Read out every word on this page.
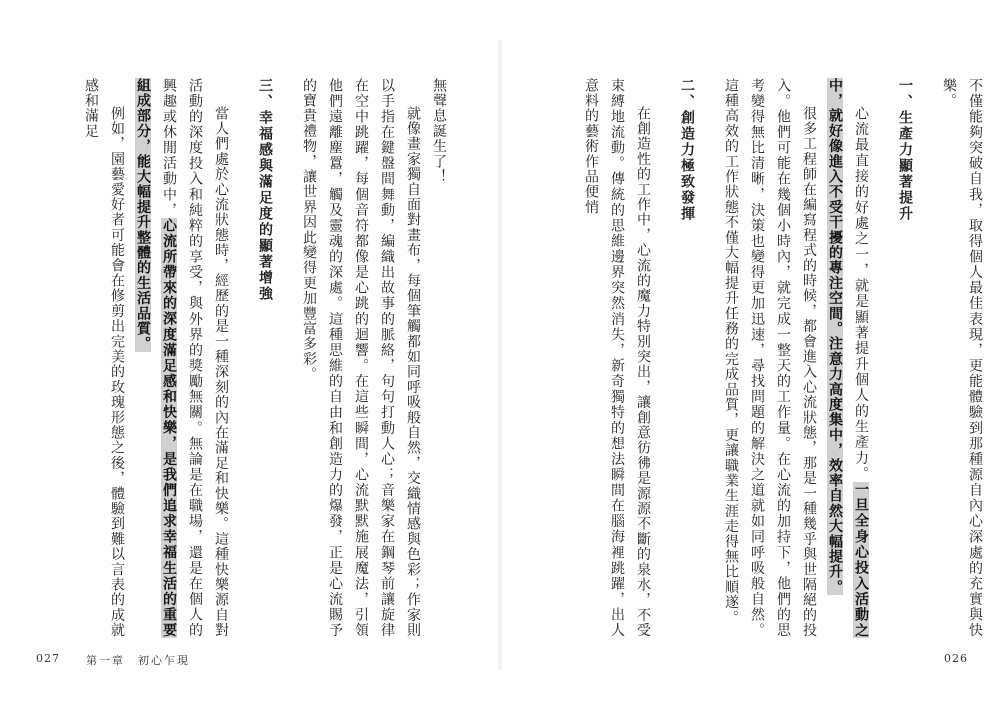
不僅能夠突破自我，取得個人最佳表現，更能體驗到那種源自內心深處的充實與快樂。

一、生產力顯著提升

心流最直接的好處之一，就是顯著提升個人的生產力。一旦全身心投入活動之中，就好像進入不受干擾的專注空間。注意力高度集中，效率自然大幅提升。

很多工程師在編寫程式的時候，都會進入心流狀態，那是一種幾乎與世隔絕的投入。他們可能在幾個小時內，就完成一整天的工作量。在心流的加持下，他們的思考變得無比清晰，決策也變得更加迅速，尋找問題的解決之道就如同呼吸般自然。這種高效的工作狀態不僅大幅提升任務的完成品質，更讓職業生涯走得無比順遂。

二、創造力極致發揮

在創造性的工作中，心流的魔力特別突出，讓創意彷彿是源源不斷的泉水，不受束縛地流動。傳統的思維邊界突然消失，新奇獨特的想法瞬間在腦海裡跳躍，出人意料的藝術作品便悄

026

無聲息誕生了！

就像畫家獨自面對畫布，每個筆觸都如同呼吸般自然，交織情感與色彩；作家則以手指在鍵盤間舞動，編織出故事的脈絡，句句打動人心；音樂家在鋼琴前讓旋律在空中跳躍，每個音符都像是心跳的迴響。在這些瞬間，心流默默施展魔法，引領他們遠離塵囂，觸及靈魂的深處。這種思維的自由和創造力的爆發，正是心流賜予的寶貴禮物，讓世界因此變得更加豐富多彩。

三、幸福感與滿足度的顯著增強

當人們處於心流狀態時，經歷的是一種深刻的內在滿足和快樂。這種快樂源自對活動的深度投入和純粹的享受，與外界的獎勵無關。無論是在職場，還是在個人的興趣或休閒活動中，心流所帶來的深度滿足感和快樂，是我們追求幸福生活的重要組成部分，能大幅提升整體的生活品質。

例如，園藝愛好者可能會在修剪出完美的玫瑰形態之後，體驗到難以言表的成就感和滿足

027 第一章　初心乍現
